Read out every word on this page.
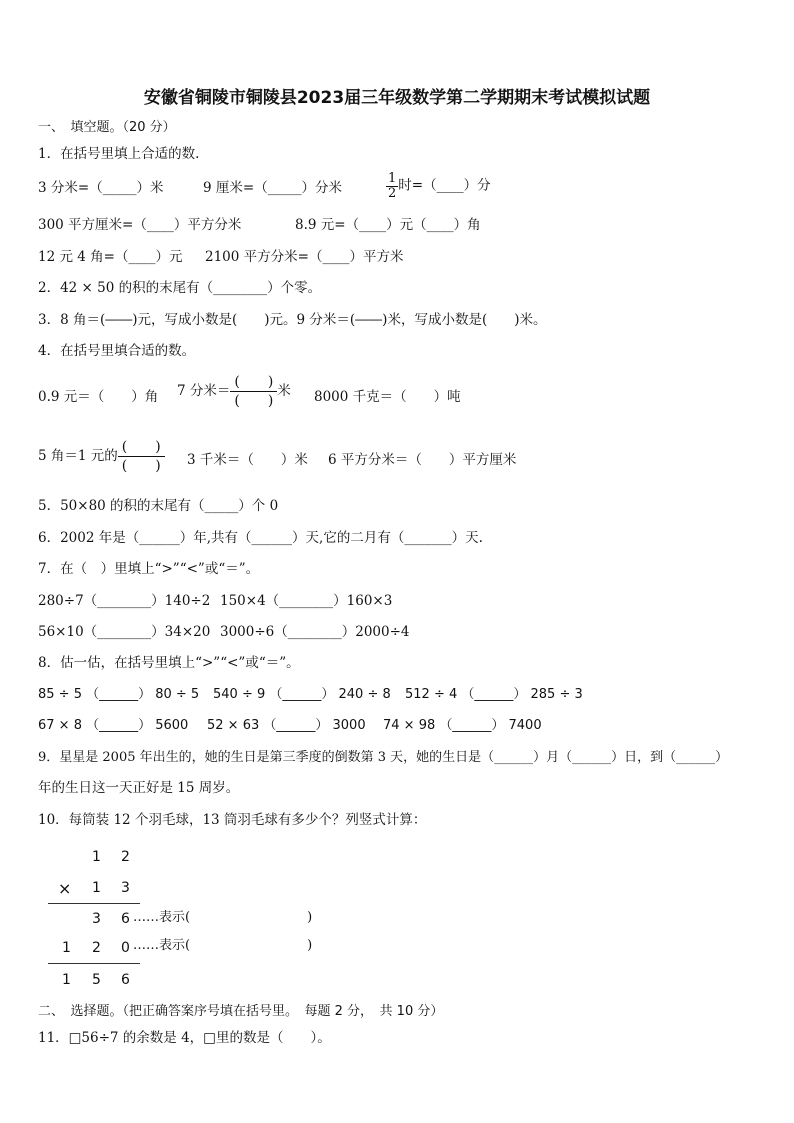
安徽省铜陵市铜陵县2023届三年级数学第二学期期末考试模拟试题
一、　填空题。（20 分）
1．在括号里填上合适的数.
3 分米=（_____）米	9 厘米=（_____）分米	$\frac{1}{2}$ 时=（____）分
300 平方厘米=（____）平方分米	8.9 元=（____）元（____）角
12 元 4 角=（____）元 2100 平方分米=（____）平方米
2．42 × 50 的积的末尾有（________）个零。
3．8 角＝(――)元，写成小数是(　　)元。9 分米＝(――)米，写成小数是(　　)米。
4．在括号里填合适的数。
0.9 元＝（　　）角 7 分米＝ $\frac{( )}{( )}$ 米 8000 千克＝（　　）吨
5 角＝1 元的 $\frac{( )}{( )} 3$ 千米＝（　　）米 6 平方分米＝（　　）平方厘米
5．50×80 的积的末尾有（_____）个 0
6．2002 年是（______）年,共有（______）天,它的二月有（_______）天.
7．在（　）里填上“>”“<”或“＝”。
280÷7（________）140÷2 150×4（________）160×3
56×10（________）34×20 3000÷6（________）2000÷4
8．估一估，在括号里填上“>”“<”或“＝”。
85 ÷ 5 （______） 80 ÷ 5 540 ÷ 9 （______） 240 ÷ 8 512 ÷ 4 （______） 285 ÷ 3
67 × 8 （______） 5600 52 × 63 （______） 3000 74 × 98 （______） 7400
9．星星是 2005 年出生的，她的生日是第三季度的倒数第 3 天，她的生日是（______）月（______）日，到（______）
年的生日这一天正好是 15 周岁。
10．每筒装 12 个羽毛球，13 筒羽毛球有多少个？列竖式计算：
1 2
× 1 3
3 6 ……表示(　　　　　　　　　)
1 2 0 ……表示(　　　　　　　　　)
1 5 6
二、　选择题。（把正确答案序号填在括号里。　每题 2 分，　共 10 分）
11．□56÷7 的余数是 4，□里的数是（　　）。
